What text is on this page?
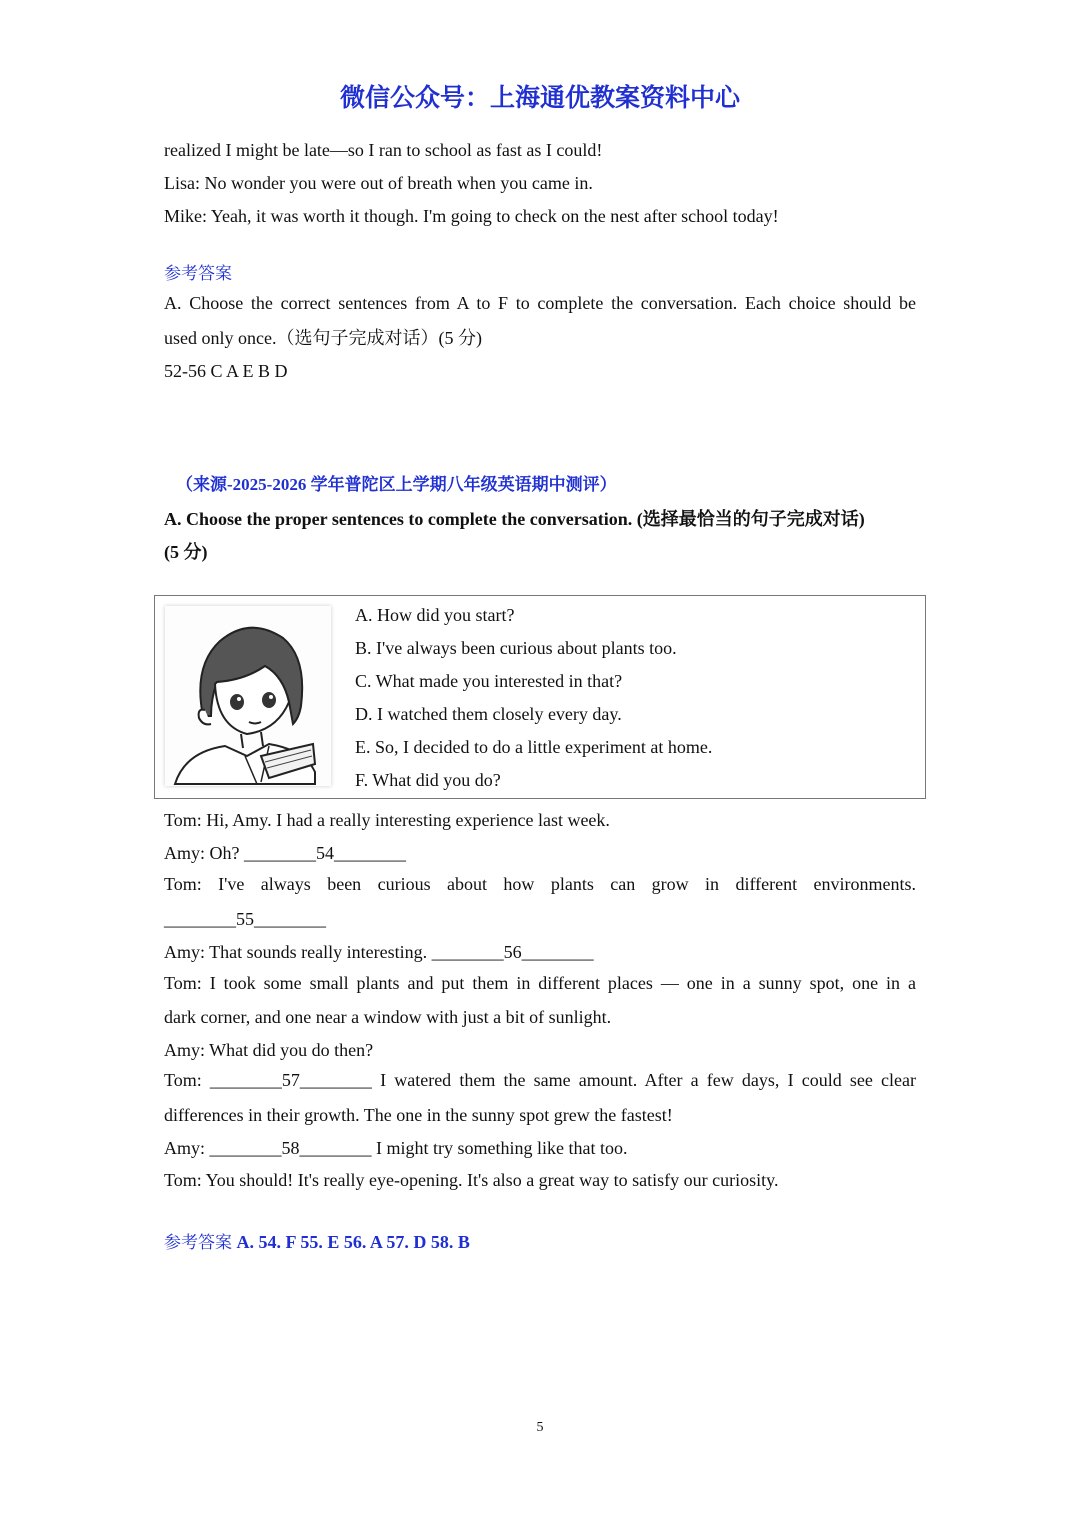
微信公众号：上海通优教案资料中心
realized I might be late—so I ran to school as fast as I could!
Lisa: No wonder you were out of breath when you came in.
Mike: Yeah, it was worth it though. I'm going to check on the nest after school today!
参考答案
A. Choose the correct sentences from A to F to complete the conversation. Each choice should be
used only once.（选句子完成对话）(5 分)
52-56 C A E B D
（来源-2025-2026 学年普陀区上学期八年级英语期中测评）
A. Choose the proper sentences to complete the conversation. (选择最恰当的句子完成对话)
(5 分)
A. How did you start?
B. I've always been curious about plants too.
C. What made you interested in that?
D. I watched them closely every day.
E. So, I decided to do a little experiment at home.
F. What did you do?
Tom: Hi, Amy. I had a really interesting experience last week.
Amy: Oh? ________54________
Tom: I've always been curious about how plants can grow in different environments.
________55________
Amy: That sounds really interesting. ________56________
Tom: I took some small plants and put them in different places — one in a sunny spot, one in a
dark corner, and one near a window with just a bit of sunlight.
Amy: What did you do then?
Tom: ________57________ I watered them the same amount. After a few days, I could see clear
differences in their growth. The one in the sunny spot grew the fastest!
Amy: ________58________ I might try something like that too.
Tom: You should! It's really eye-opening. It's also a great way to satisfy our curiosity.
参考答案 A. 54. F 55. E 56. A 57. D 58. B
5
